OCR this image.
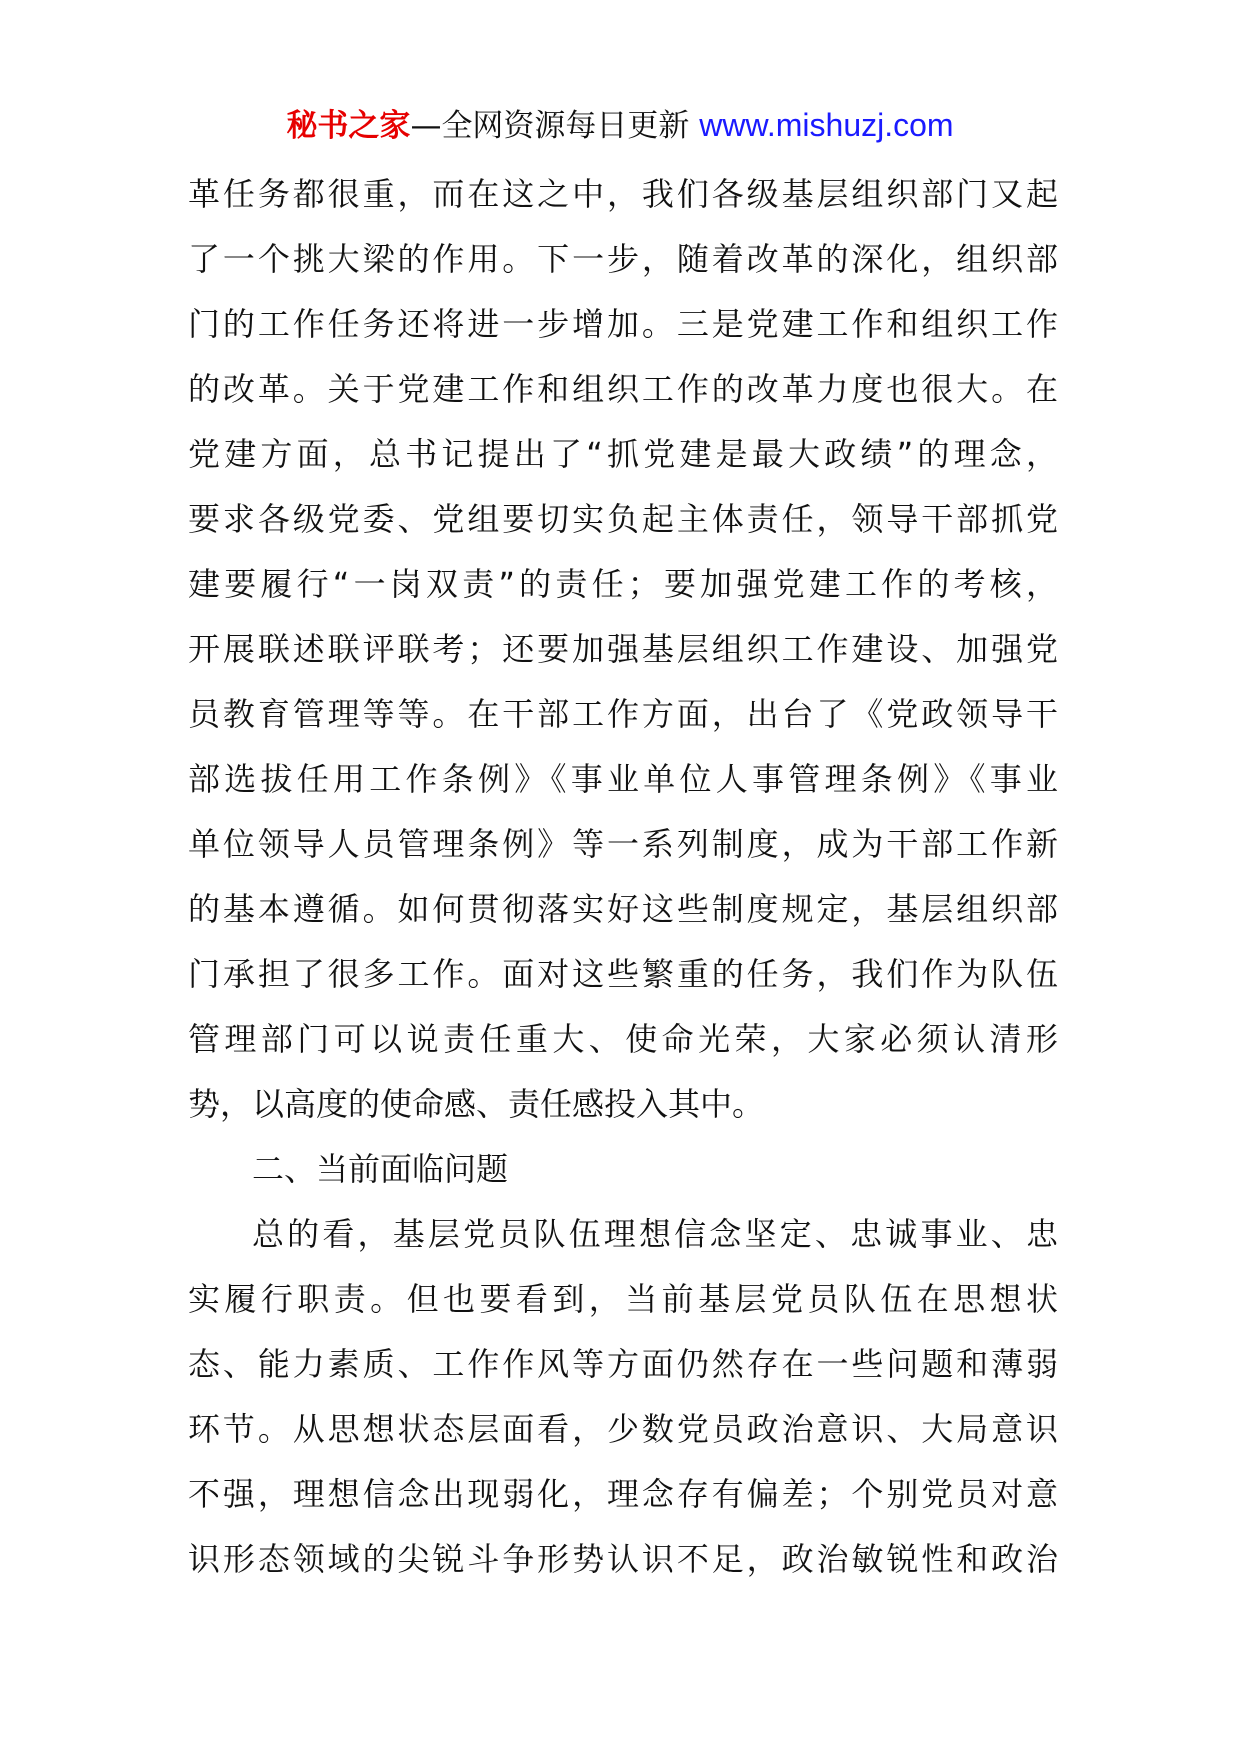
秘书之家—全网资源每日更新 www.mishuzj.com
革任务都很重，而在这之中，我们各级基层组织部门又起
了一个挑大梁的作用。下一步，随着改革的深化，组织部
门的工作任务还将进一步增加。三是党建工作和组织工作
的改革。关于党建工作和组织工作的改革力度也很大。在
党建方面，总书记提出了“抓党建是最大政绩”的理念，
要求各级党委、党组要切实负起主体责任，领导干部抓党
建要履行“一岗双责”的责任；要加强党建工作的考核，
开展联述联评联考；还要加强基层组织工作建设、加强党
员教育管理等等。在干部工作方面，出台了《党政领导干
部选拔任用工作条例》《事业单位人事管理条例》《事业
单位领导人员管理条例》等一系列制度，成为干部工作新
的基本遵循。如何贯彻落实好这些制度规定，基层组织部
门承担了很多工作。面对这些繁重的任务，我们作为队伍
管理部门可以说责任重大、使命光荣，大家必须认清形
势，以高度的使命感、责任感投入其中。
二、当前面临问题
总的看，基层党员队伍理想信念坚定、忠诚事业、忠
实履行职责。但也要看到，当前基层党员队伍在思想状
态、能力素质、工作作风等方面仍然存在一些问题和薄弱
环节。从思想状态层面看，少数党员政治意识、大局意识
不强，理想信念出现弱化，理念存有偏差；个别党员对意
识形态领域的尖锐斗争形势认识不足，政治敏锐性和政治
